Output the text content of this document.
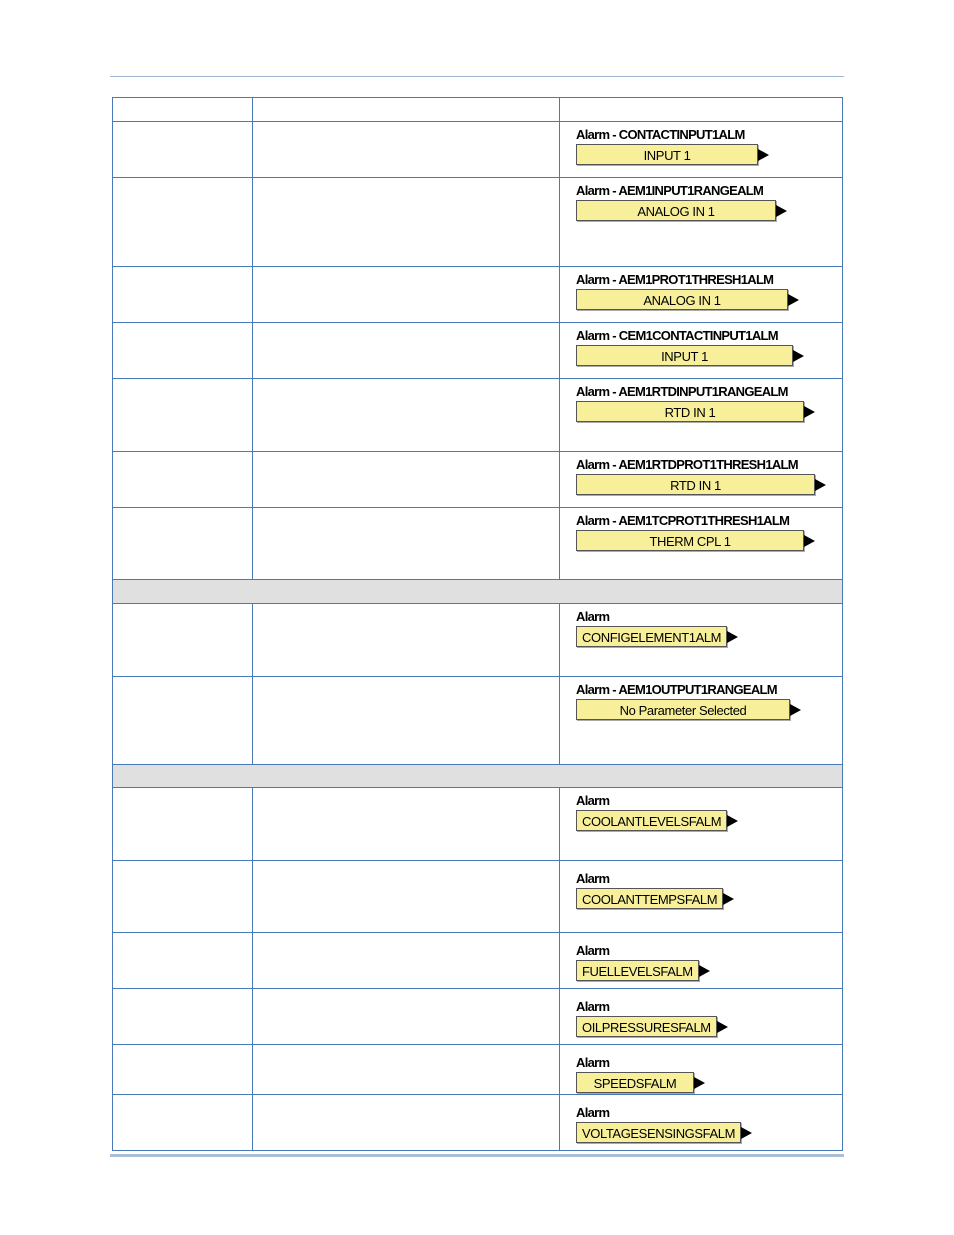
		Alarm - CONTACTINPUT1ALM
INPUT 1

		Alarm - AEM1INPUT1RANGEALM
ANALOG IN 1

		Alarm - AEM1PROT1THRESH1ALM
ANALOG IN 1

		Alarm - CEM1CONTACTINPUT1ALM
INPUT 1

		Alarm - AEM1RTDINPUT1RANGEALM
RTD IN 1

		Alarm - AEM1RTDPROT1THRESH1ALM
RTD IN 1

		Alarm - AEM1TCPROT1THRESH1ALM
THERM CPL 1

		Alarm
CONFIGELEMENT1ALM

		Alarm - AEM1OUTPUT1RANGEALM
No Parameter Selected

		Alarm
COOLANTLEVELSFALM

		Alarm
COOLANTTEMPSFALM

		Alarm
FUELLEVELSFALM

		Alarm
OILPRESSURESFALM

		Alarm
SPEEDSFALM

		Alarm
VOLTAGESENSINGSFALM
